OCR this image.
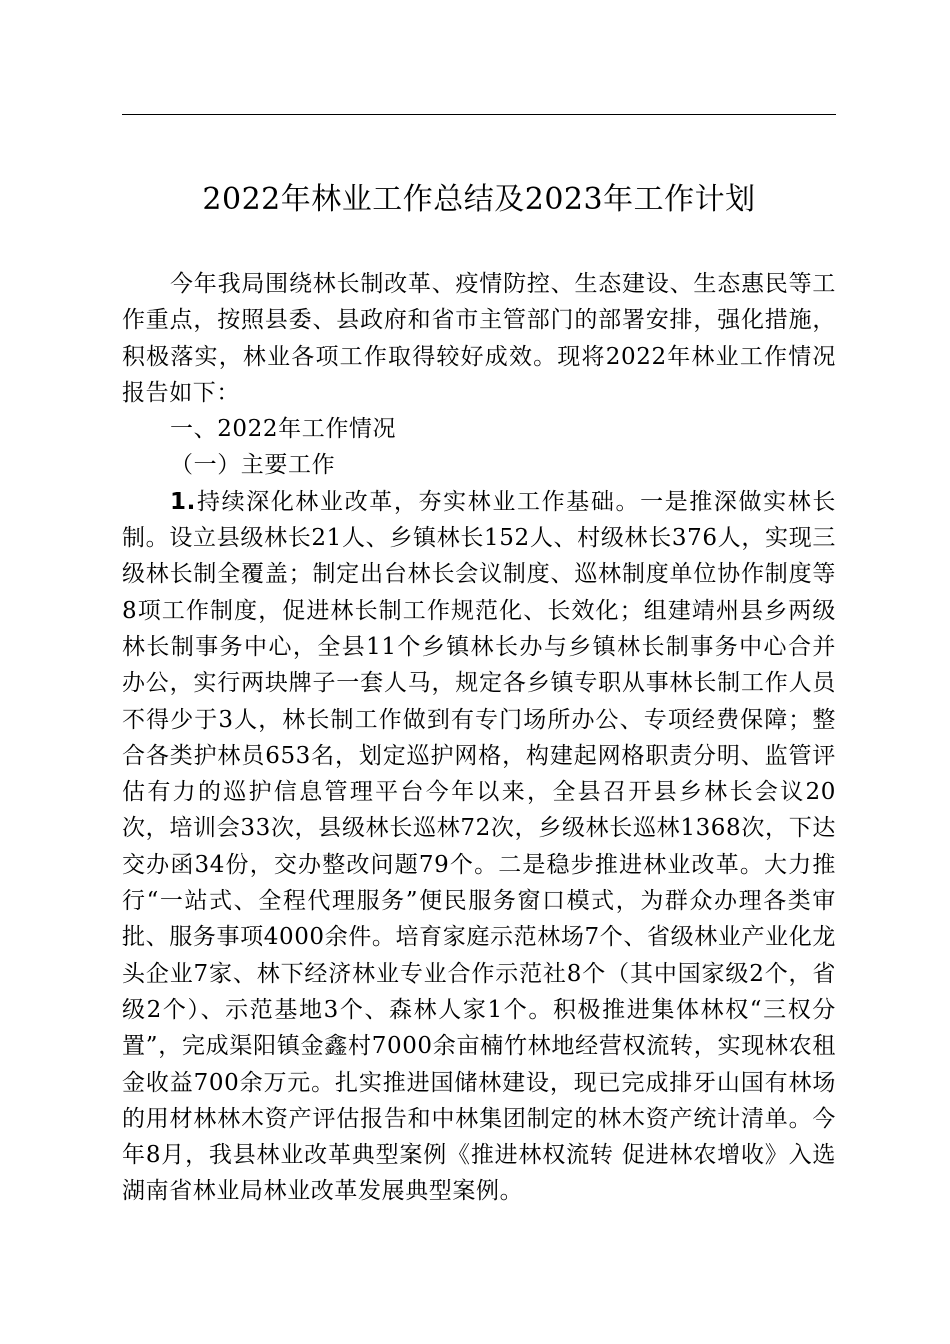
2022年林业工作总结及2023年工作计划

今年我局围绕林长制改革、疫情防控、生态建设、生态惠民等工作重点，按照县委、县政府和省市主管部门的部署安排，强化措施，积极落实，林业各项工作取得较好成效。现将2022年林业工作情况报告如下：

一、2022年工作情况

（一）主要工作

1.持续深化林业改革，夯实林业工作基础。一是推深做实林长制。设立县级林长21人、乡镇林长152人、村级林长376人，实现三级林长制全覆盖；制定出台林长会议制度、巡林制度单位协作制度等8项工作制度，促进林长制工作规范化、长效化；组建靖州县乡两级林长制事务中心，全县11个乡镇林长办与乡镇林长制事务中心合并办公，实行两块牌子一套人马，规定各乡镇专职从事林长制工作人员不得少于3人，林长制工作做到有专门场所办公、专项经费保障；整合各类护林员653名，划定巡护网格，构建起网格职责分明、监管评估有力的巡护信息管理平台今年以来，全县召开县乡林长会议20次，培训会33次，县级林长巡林72次，乡级林长巡林1368次，下达交办函34份，交办整改问题79个。二是稳步推进林业改革。大力推行“一站式、全程代理服务”便民服务窗口模式，为群众办理各类审批、服务事项4000余件。培育家庭示范林场7个、省级林业产业化龙头企业7家、林下经济林业专业合作示范社8个（其中国家级2个，省级2个）、示范基地3个、森林人家1个。积极推进集体林权“三权分置”，完成渠阳镇金鑫村7000余亩楠竹林地经营权流转，实现林农租金收益700余万元。扎实推进国储林建设，现已完成排牙山国有林场的用材林林木资产评估报告和中林集团制定的林木资产统计清单。今年8月，我县林业改革典型案例《推进林权流转 促进林农增收》入选湖南省林业局林业改革发展典型案例。
